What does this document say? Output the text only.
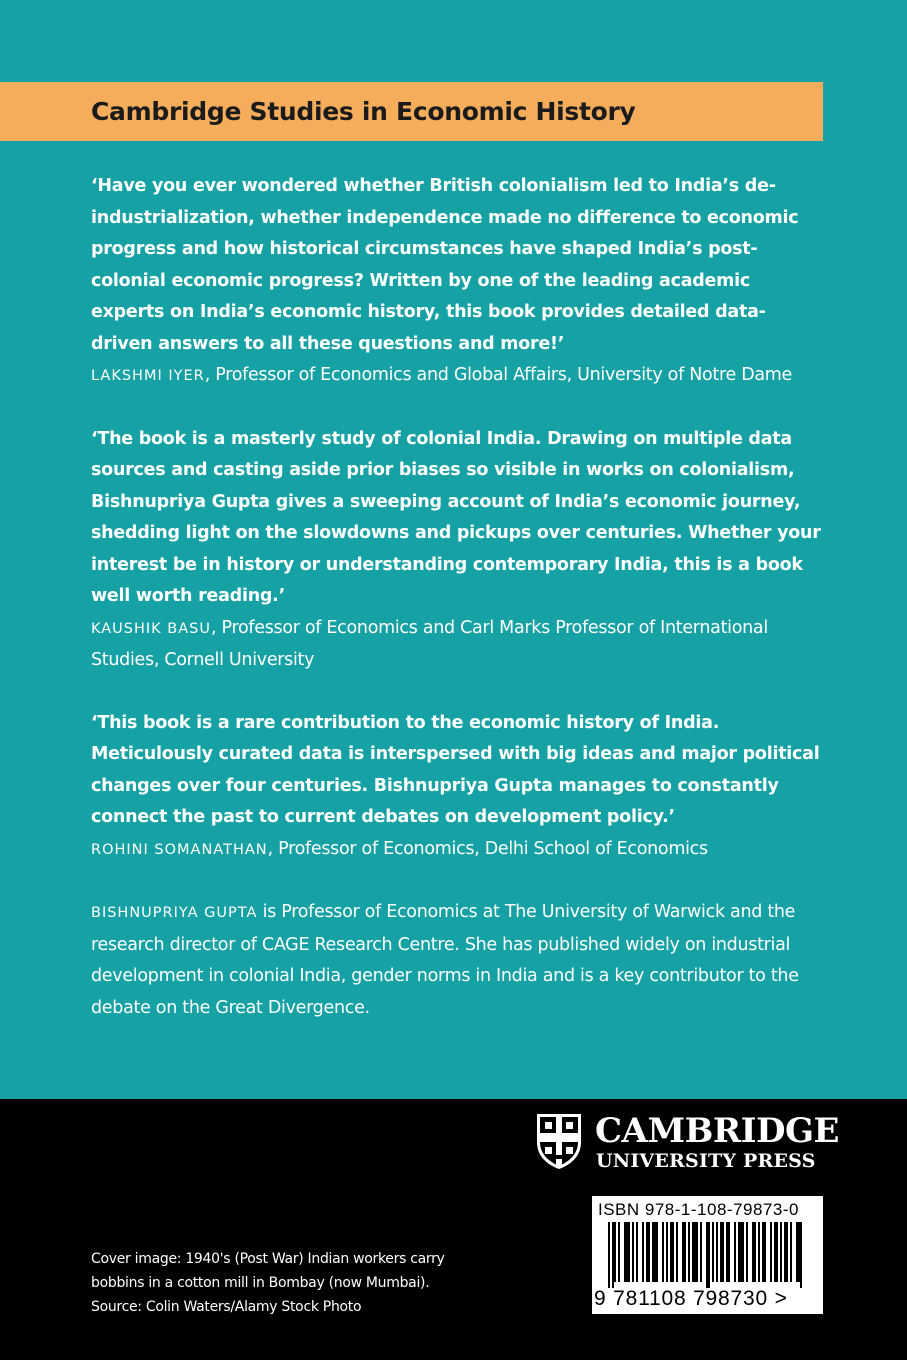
Cambridge Studies in Economic History

‘Have you ever wondered whether British colonialism led to India’s de-industrialization, whether independence made no difference to economic progress and how historical circumstances have shaped India’s post-colonial economic progress? Written by one of the leading academic experts on India’s economic history, this book provides detailed data-driven answers to all these questions and more!’

LAKSHMI IYER, Professor of Economics and Global Affairs, University of Notre Dame

‘The book is a masterly study of colonial India. Drawing on multiple data sources and casting aside prior biases so visible in works on colonialism, Bishnupriya Gupta gives a sweeping account of India’s economic journey, shedding light on the slowdowns and pickups over centuries. Whether your interest be in history or understanding contemporary India, this is a book well worth reading.’

KAUSHIK BASU, Professor of Economics and Carl Marks Professor of International Studies, Cornell University

‘This book is a rare contribution to the economic history of India. Meticulously curated data is interspersed with big ideas and major political changes over four centuries. Bishnupriya Gupta manages to constantly connect the past to current debates on development policy.’

ROHINI SOMANATHAN, Professor of Economics, Delhi School of Economics

BISHNUPRIYA GUPTA is Professor of Economics at The University of Warwick and the research director of CAGE Research Centre. She has published widely on industrial development in colonial India, gender norms in India and is a key contributor to the debate on the Great Divergence.

CAMBRIDGE
UNIVERSITY PRESS
ISBN 978-1-108-79873-0
9 781108 798730 >
Cover image: 1940's (Post War) Indian workers carry
bobbins in a cotton mill in Bombay (now Mumbai).
Source: Colin Waters/Alamy Stock Photo
